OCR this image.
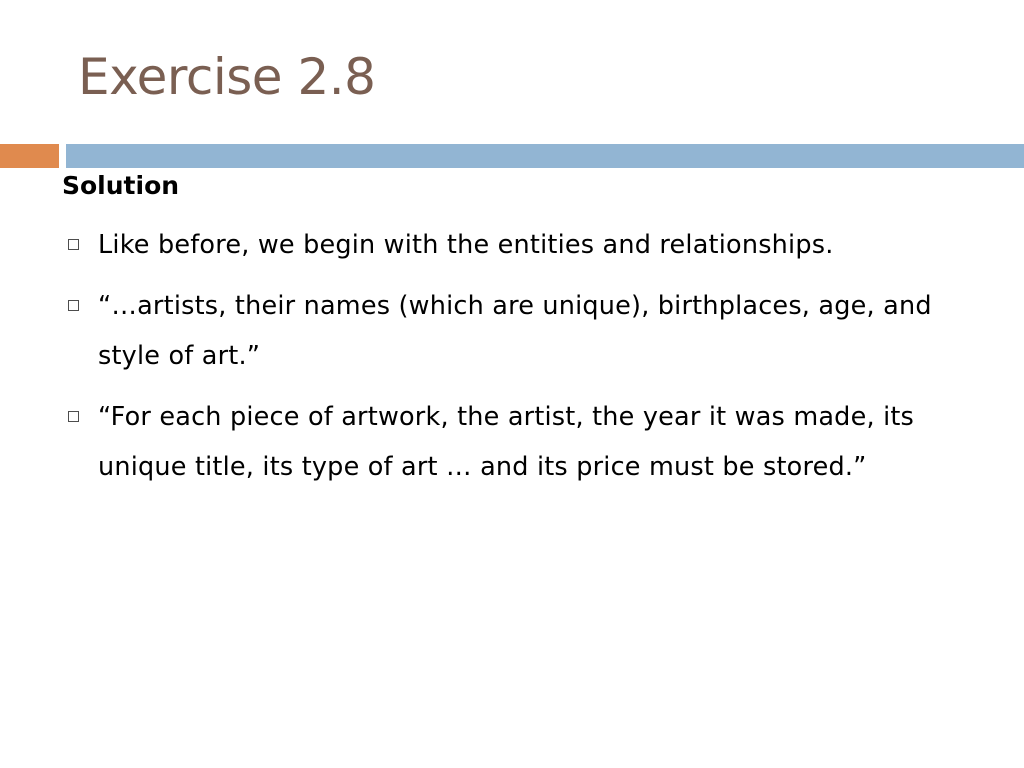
Exercise 2.8

Solution

Like before, we begin with the entities and relationships.
“…artists, their names (which are unique), birthplaces, age, and style of art.”
“For each piece of artwork, the artist, the year it was made, its unique title, its type of art … and its price must be stored.”
